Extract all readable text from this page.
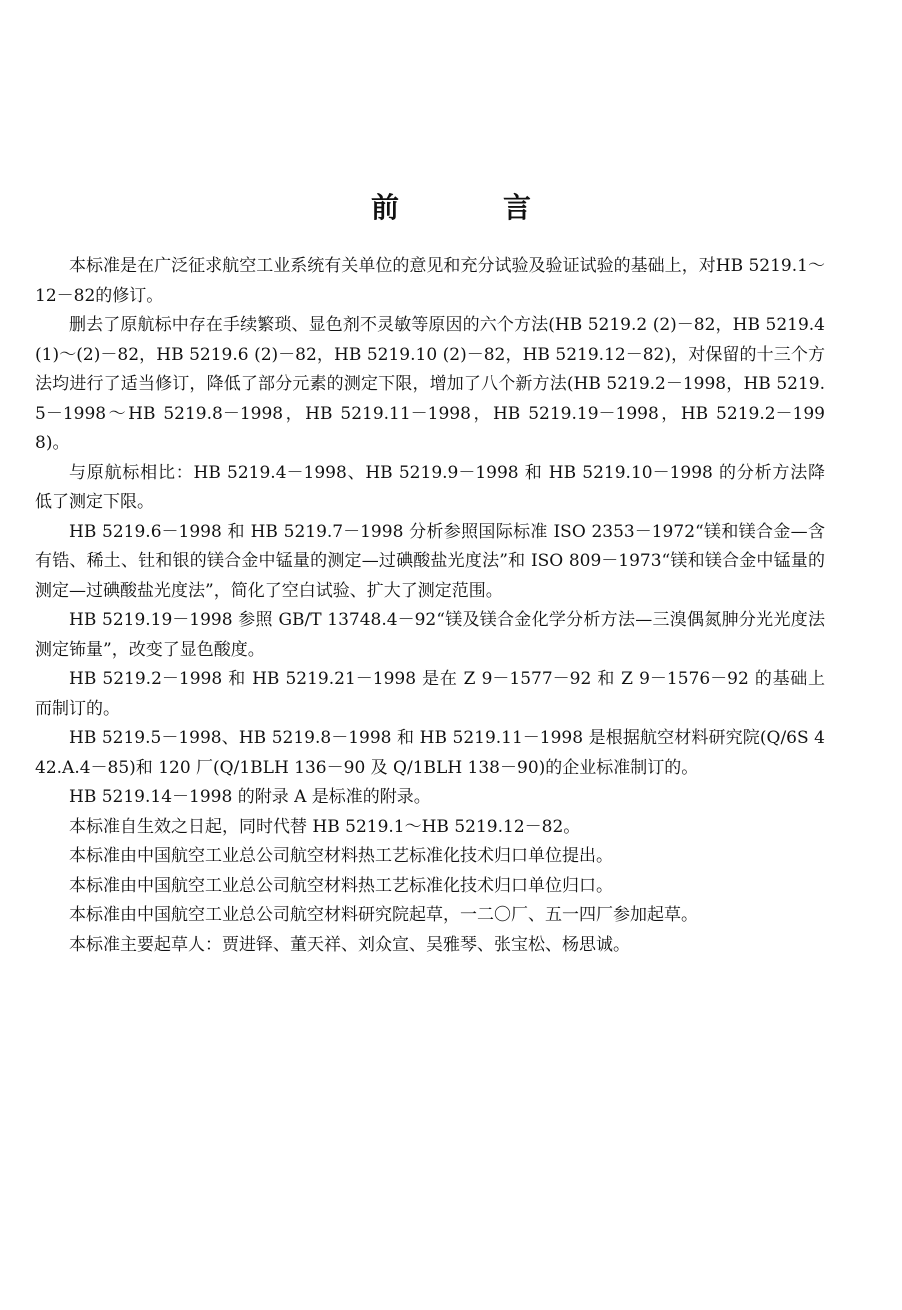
前　言

本标准是在广泛征求航空工业系统有关单位的意见和充分试验及验证试验的基础上，对HB 5219.1～12－82的修订。

删去了原航标中存在手续繁琐、显色剂不灵敏等原因的六个方法(HB 5219.2 (2)－82，HB 5219.4 (1)～(2)－82，HB 5219.6 (2)－82，HB 5219.10 (2)－82，HB 5219.12－82)，对保留的十三个方法均进行了适当修订，降低了部分元素的测定下限，增加了八个新方法(HB 5219.2－1998，HB 5219.5－1998～HB 5219.8－1998，HB 5219.11－1998，HB 5219.19－1998，HB 5219.2－1998)。

与原航标相比：HB 5219.4－1998、HB 5219.9－1998 和 HB 5219.10－1998 的分析方法降低了测定下限。

HB 5219.6－1998 和 HB 5219.7－1998 分析参照国际标准 ISO 2353－1972“镁和镁合金—含有锆、稀土、钍和银的镁合金中锰量的测定—过碘酸盐光度法”和 ISO 809－1973“镁和镁合金中锰量的测定—过碘酸盐光度法”，简化了空白试验、扩大了测定范围。

HB 5219.19－1998 参照 GB/T 13748.4－92“镁及镁合金化学分析方法—三溴偶氮胂分光光度法测定钸量”，改变了显色酸度。

HB 5219.2－1998 和 HB 5219.21－1998 是在 Z 9－1577－92 和 Z 9－1576－92 的基础上而制订的。

HB 5219.5－1998、HB 5219.8－1998 和 HB 5219.11－1998 是根据航空材料研究院(Q/6S 442.A.4－85)和 120 厂(Q/1BLH 136－90 及 Q/1BLH 138－90)的企业标准制订的。

HB 5219.14－1998 的附录 A 是标准的附录。

本标准自生效之日起，同时代替 HB 5219.1～HB 5219.12－82。

本标准由中国航空工业总公司航空材料热工艺标准化技术归口单位提出。

本标准由中国航空工业总公司航空材料热工艺标准化技术归口单位归口。

本标准由中国航空工业总公司航空材料研究院起草，一二〇厂、五一四厂参加起草。

本标准主要起草人：贾进铎、董天祥、刘众宣、吴雅琴、张宝松、杨思诚。
